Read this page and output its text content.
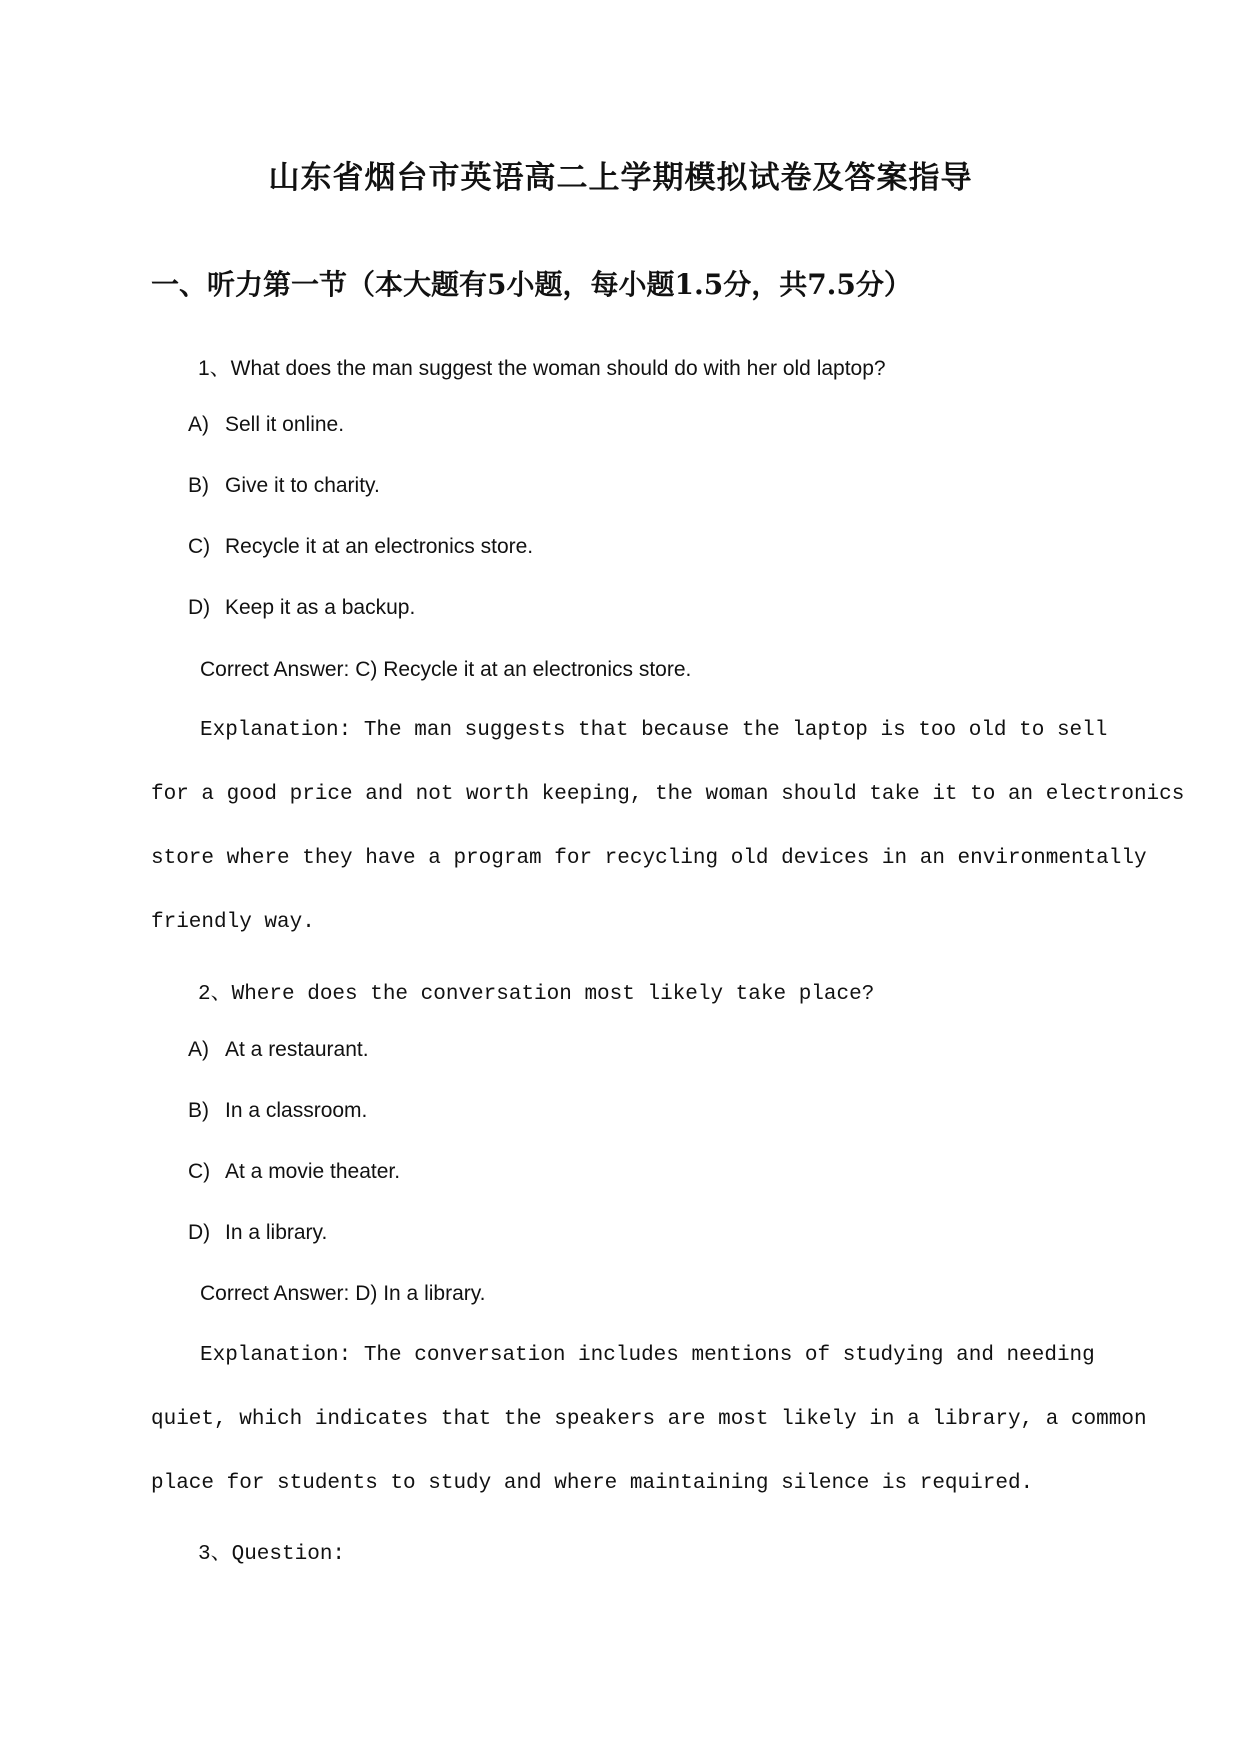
山东省烟台市英语高二上学期模拟试卷及答案指导
一、听力第一节（本大题有5小题，每小题1.5分，共7.5分）
1、What does the man suggest the woman should do with her old laptop?
A) Sell it online.
B) Give it to charity.
C) Recycle it at an electronics store.
D) Keep it as a backup.
Correct Answer: C) Recycle it at an electronics store.
Explanation: The man suggests that because the laptop is too old to sell
for a good price and not worth keeping, the woman should take it to an electronics
store where they have a program for recycling old devices in an environmentally
friendly way.
2、Where does the conversation most likely take place?
A) At a restaurant.
B) In a classroom.
C) At a movie theater.
D) In a library.
Correct Answer: D) In a library.
Explanation: The conversation includes mentions of studying and needing
quiet, which indicates that the speakers are most likely in a library, a common
place for students to study and where maintaining silence is required.
3、Question:
